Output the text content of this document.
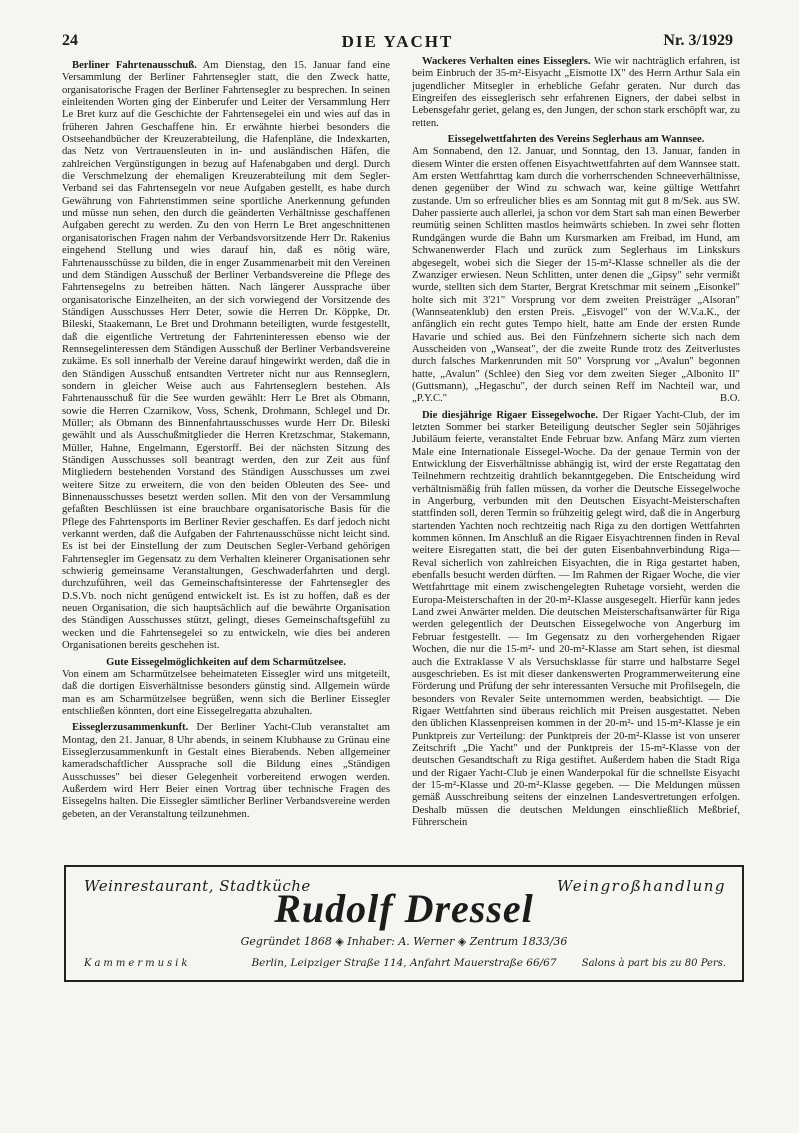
24	DIE YACHT	Nr. 3/1929

Berliner Fahrtenausschuß. Am Dienstag, den 15. Januar fand eine Versammlung der Berliner Fahrtensegler statt, die den Zweck hatte, organisatorische Fragen der Berliner Fahrtensegler zu besprechen. In seinen einleitenden Worten ging der Einberufer und Leiter der Versammlung Herr Le Bret kurz auf die Geschichte der Fahrtensegelei ein und wies auf das in früheren Jahren Geschaffene hin. Er erwähnte hierbei besonders die Ostseehandbücher der Kreuzerabteilung, die Hafenpläne, die Indexkarten, das Netz von Vertrauensleuten in in- und ausländischen Häfen, die zahlreichen Vergünstigungen in bezug auf Hafenabgaben und dergl. Durch die Verschmelzung der ehemaligen Kreuzerabteilung mit dem Segler-Verband sei das Fahrtensegeln vor neue Aufgaben gestellt, es habe durch Gewährung von Fahrtenstimmen seine sportliche Anerkennung gefunden und müsse nun sehen, den durch die geänderten Verhältnisse geschaffenen Aufgaben gerecht zu werden. Zu den von Herrn Le Bret angeschnittenen organisatorischen Fragen nahm der Verbandsvorsitzende Herr Dr. Rakenius eingehend Stellung und wies darauf hin, daß es nötig wäre, Fahrtenausschüsse zu bilden, die in enger Zusammenarbeit mit den Vereinen und dem Ständigen Ausschuß der Berliner Verbandsvereine die Pflege des Fahrtensegelns zu betreiben hätten. Nach längerer Aussprache über organisatorische Einzelheiten, an der sich vorwiegend der Vorsitzende des Ständigen Ausschusses Herr Deter, sowie die Herren Dr. Köppke, Dr. Bileski, Staakemann, Le Bret und Drohmann beteiligten, wurde festgestellt, daß die eigentliche Vertretung der Fahrteninteressen ebenso wie der Rennsegelinteressen dem Ständigen Ausschuß der Berliner Verbandsvereine zukäme. Es soll innerhalb der Vereine darauf hingewirkt werden, daß die in den Ständigen Ausschuß entsandten Vertreter nicht nur aus Rennseglern, sondern in gleicher Weise auch aus Fahrtenseglern bestehen. Als Fahrtenausschuß für die See wurden gewählt: Herr Le Bret als Obmann, sowie die Herren Czarnikow, Voss, Schenk, Drohmann, Schlegel und Dr. Müller; als Obmann des Binnenfahrtausschusses wurde Herr Dr. Bileski gewählt und als Ausschußmitglieder die Herren Kretzschmar, Stakemann, Müller, Hahne, Engelmann, Egerstorff. Bei der nächsten Sitzung des Ständigen Ausschusses soll beantragt werden, den zur Zeit aus fünf Mitgliedern bestehenden Vorstand des Ständigen Ausschusses um zwei weitere Sitze zu erweitern, die von den beiden Obleuten des See- und Binnenausschusses besetzt werden sollen. Mit den von der Versammlung gefaßten Beschlüssen ist eine brauchbare organisatorische Basis für die Pflege des Fahrtensports im Berliner Revier geschaffen. Es darf jedoch nicht verkannt werden, daß die Aufgaben der Fahrtenausschüsse nicht leicht sind. Es ist bei der Einstellung der zum Deutschen Segler-Verband gehörigen Fahrtensegler im Gegensatz zu dem Verhalten kleinerer Organisationen sehr schwierig gemeinsame Veranstaltungen, Geschwaderfahrten und dergl. durchzuführen, weil das Gemeinschaftsinteresse der Fahrtensegler des D.S.Vb. noch nicht genügend entwickelt ist. Es ist zu hoffen, daß es der neuen Organisation, die sich hauptsächlich auf die bewährte Organisation des Ständigen Ausschusses stützt, gelingt, dieses Gemeinschaftsgefühl zu wecken und die Fahrtensegelei so zu entwickeln, wie dies bei anderen Organisationen bereits geschehen ist.

Gute Eissegelmöglichkeiten auf dem Scharmützelsee.

Von einem am Scharmützelsee beheimateten Eissegler wird uns mitgeteilt, daß die dortigen Eisverhältnisse besonders günstig sind. Allgemein würde man es am Scharmützelsee begrüßen, wenn sich die Berliner Eissegler entschließen könnten, dort eine Eissegelregatta abzuhalten.

Eisseglerzusammenkunft. Der Berliner Yacht-Club veranstaltet am Montag, den 21. Januar, 8 Uhr abends, in seinem Klubhause zu Grünau eine Eisseglerzusammenkunft in Gestalt eines Bierabends. Neben allgemeiner kameradschaftlicher Aussprache soll die Bildung eines „Ständigen Ausschusses" bei dieser Gelegenheit vorbereitend erwogen werden. Außerdem wird Herr Beier einen Vortrag über technische Fragen des Eissegelns halten. Die Eissegler sämtlicher Berliner Verbandsvereine werden gebeten, an der Veranstaltung teilzunehmen.

Wackeres Verhalten eines Eisseglers. Wie wir nachträglich erfahren, ist beim Einbruch der 35-m²-Eisyacht „Eismotte IX" des Herrn Arthur Sala ein jugendlicher Mitsegler in erhebliche Gefahr geraten. Nur durch das Eingreifen des eisseglerisch sehr erfahrenen Eigners, der dabei selbst in Lebensgefahr geriet, gelang es, den Jungen, der schon stark erschöpft war, zu retten.

Eissegelwettfahrten des Vereins Seglerhaus am Wannsee.

Am Sonnabend, den 12. Januar, und Sonntag, den 13. Januar, fanden in diesem Winter die ersten offenen Eisyachtwettfahrten auf dem Wannsee statt. Am ersten Wettfahrttag kam durch die vorherrschenden Schneeverhältnisse, denen gegenüber der Wind zu schwach war, keine gültige Wettfahrt zustande. Um so erfreulicher blies es am Sonntag mit gut 8 m/Sek. aus SW. Daher passierte auch allerlei, ja schon vor dem Start sah man einen Bewerber reumütig seinen Schlitten mastlos heimwärts schieben. In zwei sehr flotten Rundgängen wurde die Bahn um Kursmarken am Freibad, im Hund, am Schwanenwerder Flach und zurück zum Seglerhaus im Linkskurs abgesegelt, wobei sich die Sieger der 15-m²-Klasse schneller als die der Zwanziger erwiesen. Neun Schlitten, unter denen die „Gipsy" sehr vermißt wurde, stellten sich dem Starter, Bergrat Kretschmar mit seinem „Eisonkel" holte sich mit 3'21" Vorsprung vor dem zweiten Preisträger „Alsoran" (Wannseatenklub) den ersten Preis. „Eisvogel" von der W.V.a.K., der anfänglich ein recht gutes Tempo hielt, hatte am Ende der ersten Runde Havarie und schied aus. Bei den Fünfzehnern sicherte sich nach dem Ausscheiden von „Wanseat", der die zweite Runde trotz des Zeitverlustes durch falsches Markenrunden mit 50" Vorsprung vor „Avalun" begonnen hatte, „Avalun" (Schlee) den Sieg vor dem zweiten Sieger „Albonito II" (Guttsmann), „Hegaschu", der durch seinen Reff im Nachteil war, und „P.Y.C."	B.O.

Die diesjährige Rigaer Eissegelwoche. Der Rigaer Yacht-Club, der im letzten Sommer bei starker Beteiligung deutscher Segler sein 50jähriges Jubiläum feierte, veranstaltet Ende Februar bzw. Anfang März zum vierten Male eine Internationale Eissegel-Woche. Da der genaue Termin von der Entwicklung der Eisverhältnisse abhängig ist, wird der erste Regattatag den Teilnehmern rechtzeitig drahtlich bekanntgegeben. Die Entscheidung wird verhältnismäßig früh fallen müssen, da vorher die Deutsche Eissegelwoche in Angerburg, verbunden mit den Deutschen Eisyacht-Meisterschaften stattfinden soll, deren Termin so frühzeitig gelegt wird, daß die in Angerburg startenden Yachten noch rechtzeitig nach Riga zu den dortigen Wettfahrten kommen können. Im Anschluß an die Rigaer Eisyachtrennen finden in Reval weitere Eisregatten statt, die bei der guten Eisenbahnverbindung Riga—Reval sicherlich von zahlreichen Eisyachten, die in Riga gestartet haben, ebenfalls besucht werden dürften. — Im Rahmen der Rigaer Woche, die vier Wettfahrttage mit einem zwischengelegten Ruhetage vorsieht, werden die Europa-Meisterschaften in der 20-m²-Klasse ausgesegelt. Hierfür kann jedes Land zwei Anwärter melden. Die deutschen Meisterschaftsanwärter für Riga werden gelegentlich der Deutschen Eissegelwoche von Angerburg im Februar festgestellt. — Im Gegensatz zu den vorhergehenden Rigaer Wochen, die nur die 15-m²- und 20-m²-Klasse am Start sehen, ist diesmal auch die Extraklasse V als Versuchsklasse für starre und halbstarre Segel ausgeschrieben. Es ist mit dieser dankenswerten Programmerweiterung eine Förderung und Prüfung der sehr interessanten Versuche mit Profilsegeln, die besonders von Revaler Seite unternommen werden, beabsichtigt. — Die Rigaer Wettfahrten sind überaus reichlich mit Preisen ausgestattet. Neben den üblichen Klassenpreisen kommen in der 20-m²- und 15-m²-Klasse je ein Punktpreis zur Verteilung: der Punktpreis der 20-m²-Klasse ist von unserer Zeitschrift „Die Yacht" und der Punktpreis der 15-m²-Klasse von der deutschen Gesandtschaft zu Riga gestiftet. Außerdem haben die Stadt Riga und der Rigaer Yacht-Club je einen Wanderpokal für die schnellste Eisyacht der 15-m²-Klasse und 20-m²-Klasse gegeben. — Die Meldungen müssen gemäß Ausschreibung seitens der einzelnen Landesvertretungen erfolgen. Deshalb müssen die deutschen Meldungen einschließlich Meßbrief, Führerschein

Weinrestaurant, Stadtküche	Weingroßhandlung
Rudolf Dressel
Gegründet 1868 ◈ Inhaber: A. Werner ◈ Zentrum 1833/36
Kammermusik	Berlin, Leipziger Straße 114, Anfahrt Mauerstraße 66/67	Salons à part bis zu 80 Pers.
